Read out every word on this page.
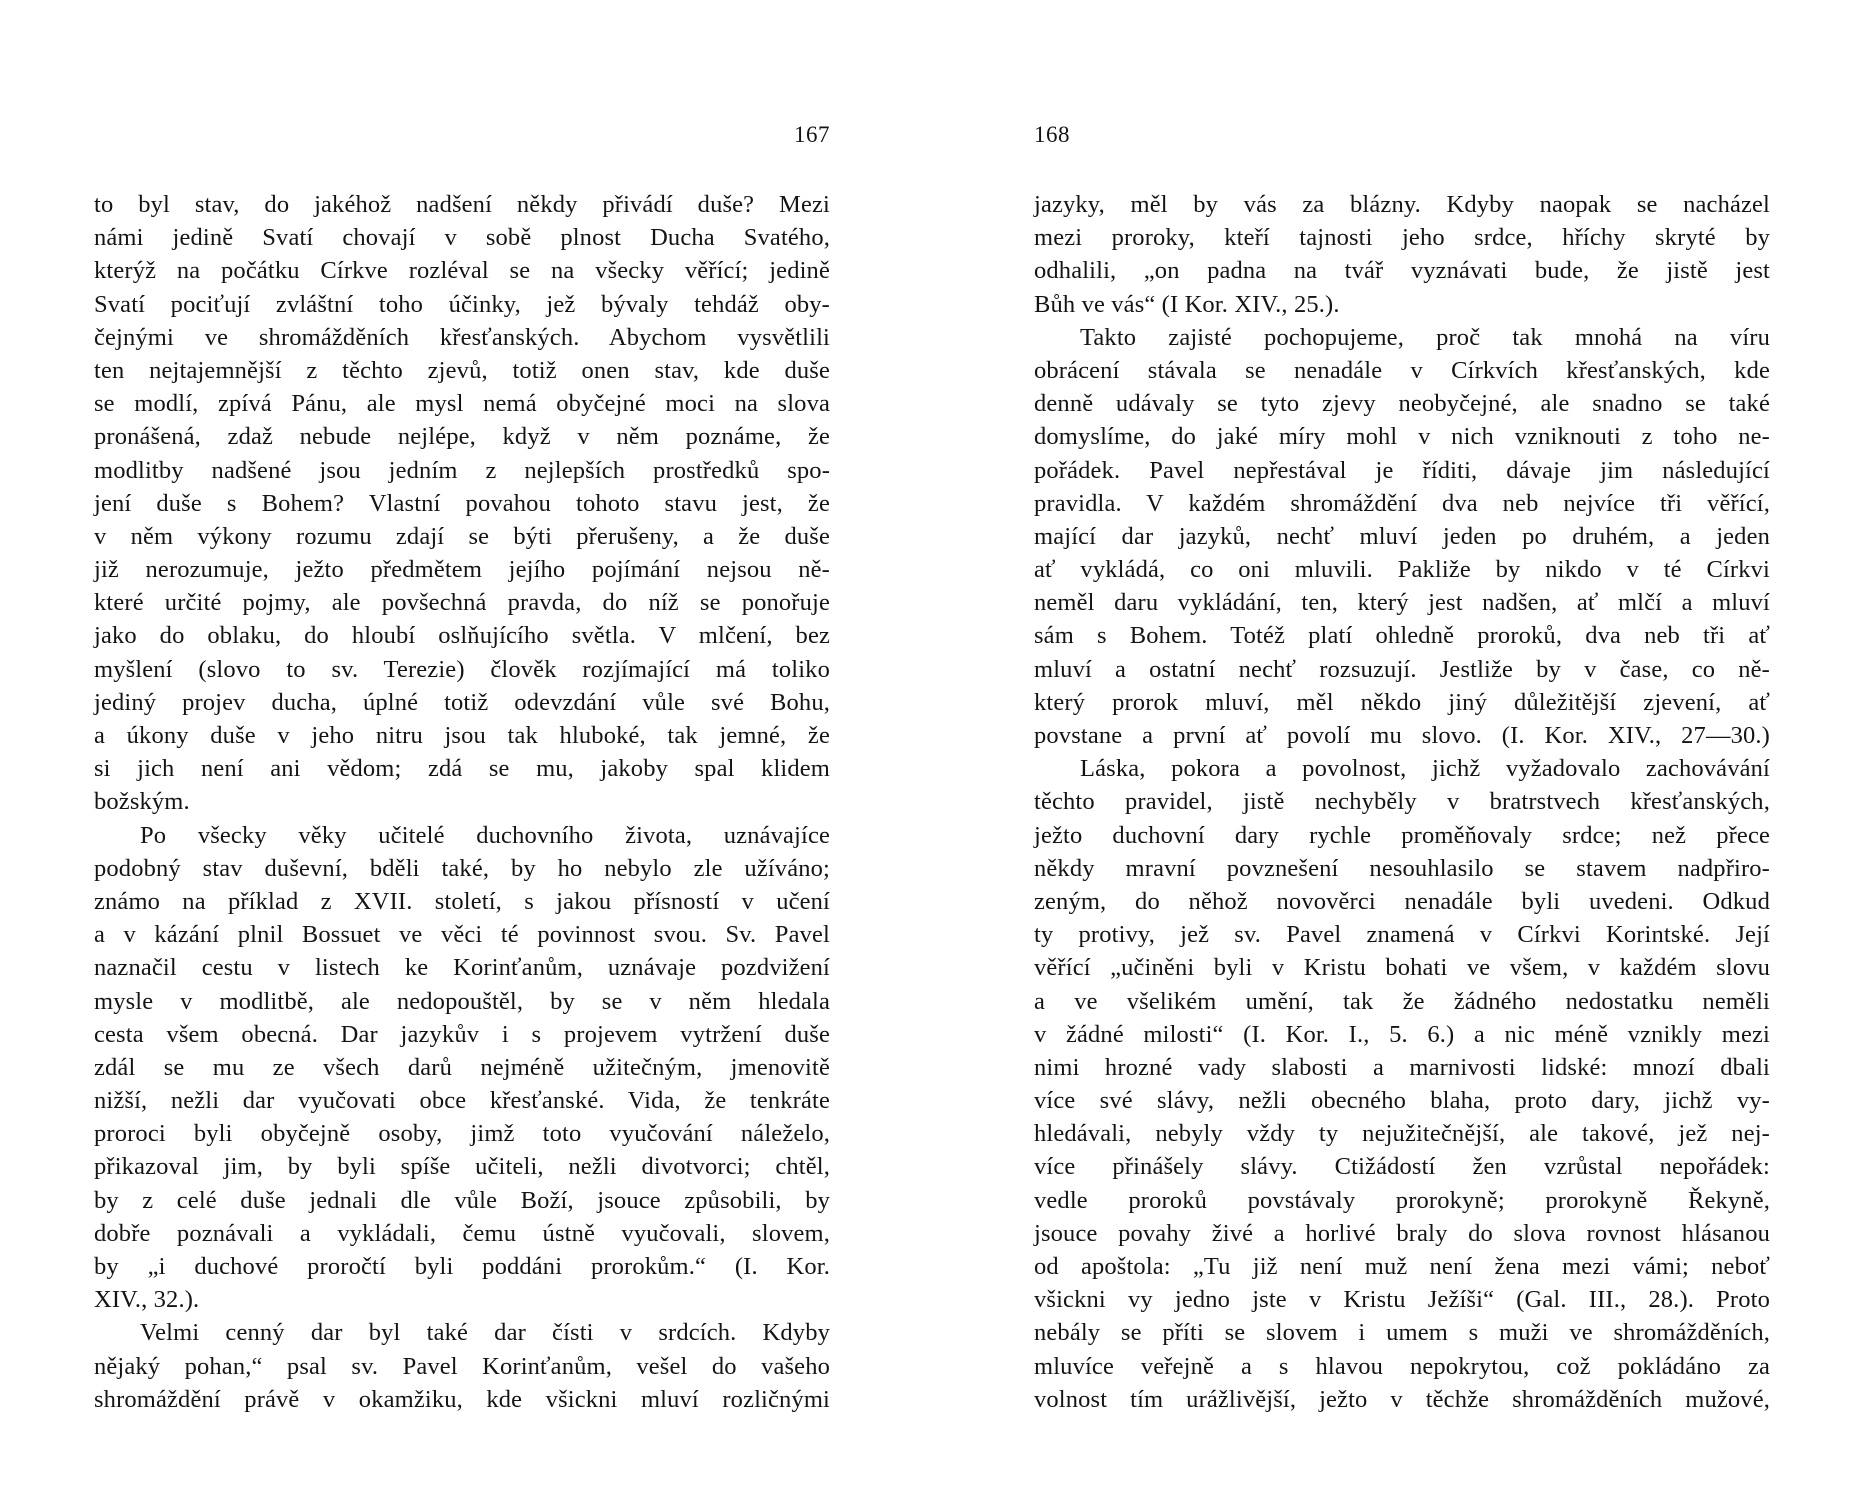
167
to byl stav, do jakéhož nadšení někdy přivádí duše? Mezi
námi jedině Svatí chovají v sobě plnost Ducha Svatého,
kterýž na počátku Církve rozléval se na všecky věřící; jedině
Svatí pociťují zvláštní toho účinky, jež bývaly tehdáž oby-
čejnými ve shromážděních křesťanských. Abychom vysvětlili
ten nejtajemnější z těchto zjevů, totiž onen stav, kde duše
se modlí, zpívá Pánu, ale mysl nemá obyčejné moci na slova
pronášená, zdaž nebude nejlépe, když v něm poznáme, že
modlitby nadšené jsou jedním z nejlepších prostředků spo-
jení duše s Bohem? Vlastní povahou tohoto stavu jest, že
v něm výkony rozumu zdají se býti přerušeny, a že duše
již nerozumuje, ježto předmětem jejího pojímání nejsou ně-
které určité pojmy, ale povšechná pravda, do níž se ponořuje
jako do oblaku, do hloubí oslňujícího světla. V mlčení, bez
myšlení (slovo to sv. Terezie) člověk rozjímající má toliko
jediný projev ducha, úplné totiž odevzdání vůle své Bohu,
a úkony duše v jeho nitru jsou tak hluboké, tak jemné, že
si jich není ani vědom; zdá se mu, jakoby spal klidem
božským.
Po všecky věky učitelé duchovního života, uznávajíce
podobný stav duševní, bděli také, by ho nebylo zle užíváno;
známo na příklad z XVII. století, s jakou přísností v učení
a v kázání plnil Bossuet ve věci té povinnost svou. Sv. Pavel
naznačil cestu v listech ke Korinťanům, uznávaje pozdvižení
mysle v modlitbě, ale nedopouštěl, by se v něm hledala
cesta všem obecná. Dar jazykův i s projevem vytržení duše
zdál se mu ze všech darů nejméně užitečným, jmenovitě
nižší, nežli dar vyučovati obce křesťanské. Vida, že tenkráte
proroci byli obyčejně osoby, jimž toto vyučování náleželo,
přikazoval jim, by byli spíše učiteli, nežli divotvorci; chtěl,
by z celé duše jednali dle vůle Boží, jsouce způsobili, by
dobře poznávali a vykládali, čemu ústně vyučovali, slovem,
by „i duchové proročtí byli poddáni prorokům.“ (I. Kor.
XIV., 32.).
Velmi cenný dar byl také dar čísti v srdcích. Kdyby
nějaký pohan,“ psal sv. Pavel Korinťanům, vešel do vašeho
shromáždění právě v okamžiku, kde všickni mluví rozličnými
168
jazyky, měl by vás za blázny. Kdyby naopak se nacházel
mezi proroky, kteří tajnosti jeho srdce, hříchy skryté by
odhalili, „on padna na tvář vyznávati bude, že jistě jest
Bůh ve vás“ (I Kor. XIV., 25.).
Takto zajisté pochopujeme, proč tak mnohá na víru
obrácení stávala se nenadále v Církvích křesťanských, kde
denně udávaly se tyto zjevy neobyčejné, ale snadno se také
domyslíme, do jaké míry mohl v nich vzniknouti z toho ne-
pořádek. Pavel nepřestával je říditi, dávaje jim následující
pravidla. V každém shromáždění dva neb nejvíce tři věřící,
mající dar jazyků, nechť mluví jeden po druhém, a jeden
ať vykládá, co oni mluvili. Pakliže by nikdo v té Církvi
neměl daru vykládání, ten, který jest nadšen, ať mlčí a mluví
sám s Bohem. Totéž platí ohledně proroků, dva neb tři ať
mluví a ostatní nechť rozsuzují. Jestliže by v čase, co ně-
který prorok mluví, měl někdo jiný důležitější zjevení, ať
povstane a první ať povolí mu slovo. (I. Kor. XIV., 27—30.)
Láska, pokora a povolnost, jichž vyžadovalo zachovávání
těchto pravidel, jistě nechyběly v bratrstvech křesťanských,
ježto duchovní dary rychle proměňovaly srdce; než přece
někdy mravní povznešení nesouhlasilo se stavem nadpřiro-
zeným, do něhož novověrci nenadále byli uvedeni. Odkud
ty protivy, jež sv. Pavel znamená v Církvi Korintské. Její
věřící „učiněni byli v Kristu bohati ve všem, v každém slovu
a ve všelikém umění, tak že žádného nedostatku neměli
v žádné milosti“ (I. Kor. I., 5. 6.) a nic méně vznikly mezi
nimi hrozné vady slabosti a marnivosti lidské: mnozí dbali
více své slávy, nežli obecného blaha, proto dary, jichž vy-
hledávali, nebyly vždy ty nejužitečnější, ale takové, jež nej-
více přinášely slávy. Ctižádostí žen vzrůstal nepořádek:
vedle proroků povstávaly prorokyně; prorokyně Řekyně,
jsouce povahy živé a horlivé braly do slova rovnost hlásanou
od apoštola: „Tu již není muž není žena mezi vámi; neboť
všickni vy jedno jste v Kristu Ježíši“ (Gal. III., 28.). Proto
nebály se příti se slovem i umem s muži ve shromážděních,
mluvíce veřejně a s hlavou nepokrytou, což pokládáno za
volnost tím urážlivější, ježto v těchže shromážděních mužové,
